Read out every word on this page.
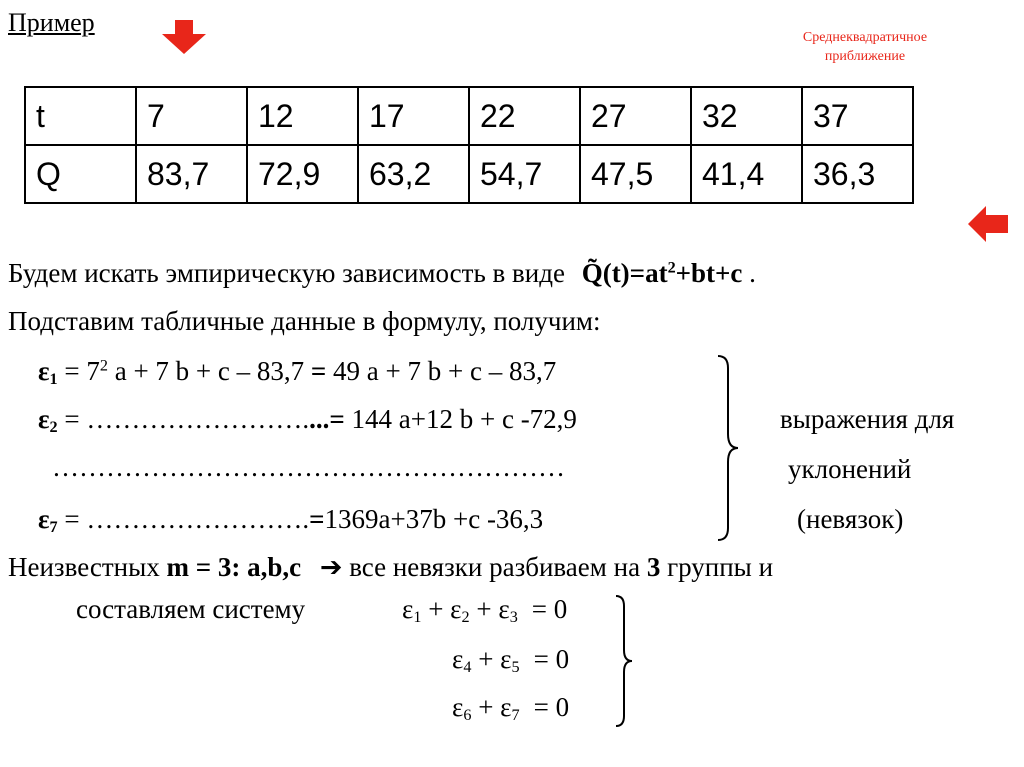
Пример
Среднеквадратичное приближение
t	7	12	17	22	27	32	37
Q	83,7	72,9	63,2	54,7	47,5	41,4	36,3
Будем искать эмпирическую зависимость в виде $Q̃(t)=at^2+bt+c$ .
Подставим табличные данные в формулу, получим:
$\varepsilon_1 = 7^2$ a + 7 b + c – 83,7 = 49 a + 7 b + c – 83,7
$\varepsilon_2$ = ……………………....= 144 a+12 b + c -72,9
…………………………………………………
$\varepsilon_7$ = …………………….=1369a+37b +c -36,3
выражения для
уклонений
(невязок)
Неизвестных m = 3: a,b,c ➔ все невязки разбиваем на 3 группы и
составляем систему	$\varepsilon_1 + \varepsilon_2 + \varepsilon_3 = 0$
$\varepsilon_4 + \varepsilon_5 = 0$
$\varepsilon_6 + \varepsilon_7 = 0$
